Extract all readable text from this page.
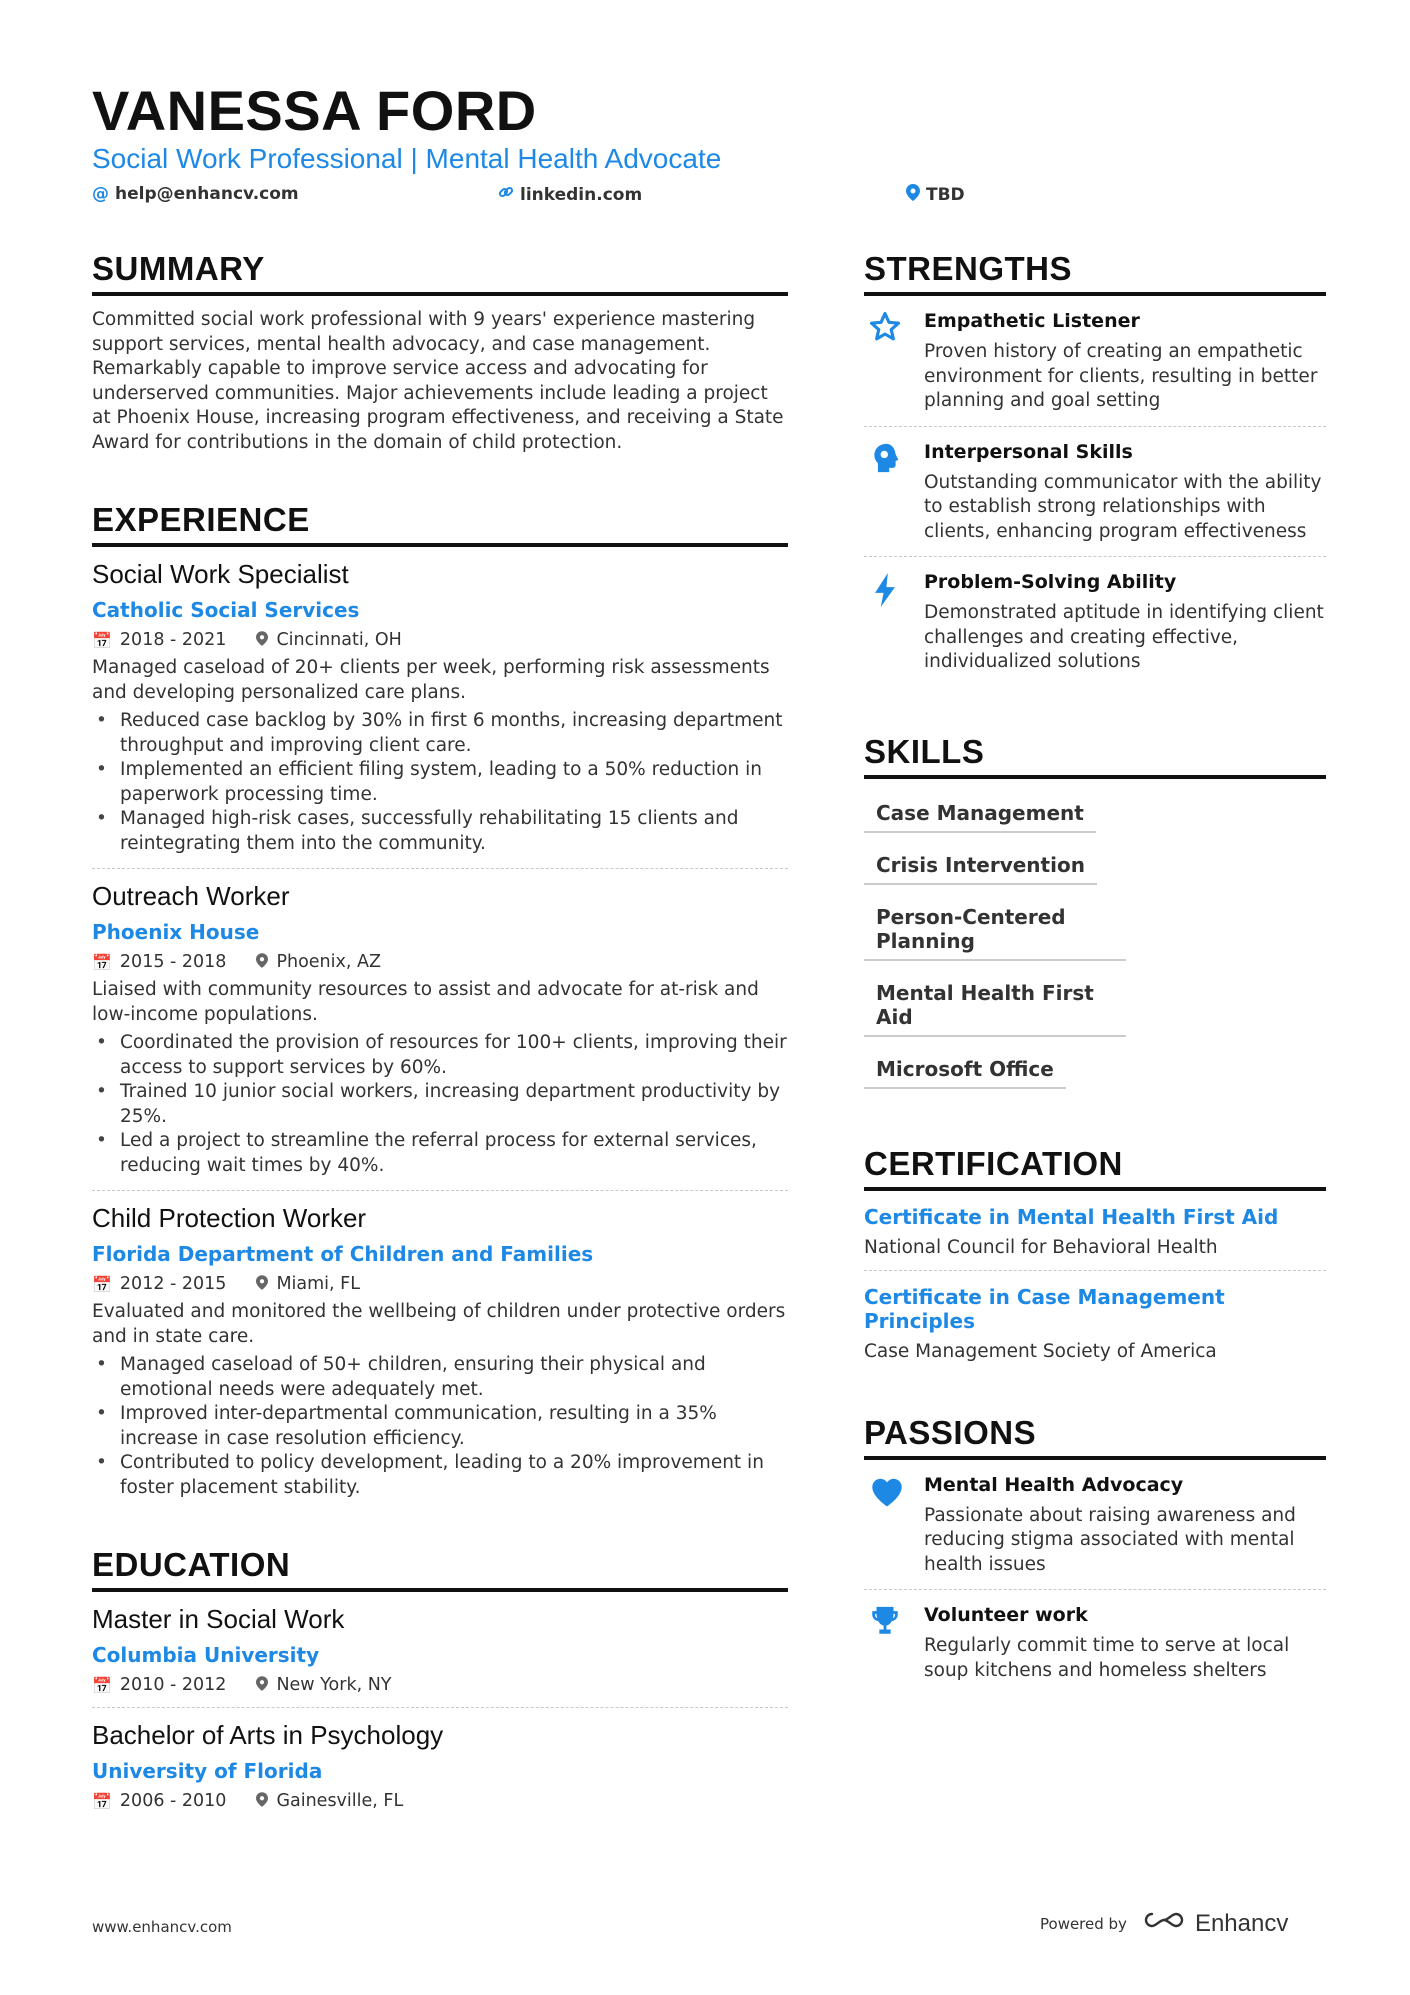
VANESSA FORD
Social Work Professional | Mental Health Advocate
@ help@enhancv.com	linkedin.com	TBD
SUMMARY
Committed social work professional with 9 years' experience mastering support services, mental health advocacy, and case management. Remarkably capable to improve service access and advocating for underserved communities. Major achievements include leading a project at Phoenix House, increasing program effectiveness, and receiving a State Award for contributions in the domain of child protection.
EXPERIENCE
Social Work Specialist
Catholic Social Services
📅 2018 - 2021	Cincinnati, OH
Managed caseload of 20+ clients per week, performing risk assessments and developing personalized care plans.
• Reduced case backlog by 30% in first 6 months, increasing department throughput and improving client care.
• Implemented an efficient filing system, leading to a 50% reduction in paperwork processing time.
• Managed high-risk cases, successfully rehabilitating 15 clients and reintegrating them into the community.
Outreach Worker
Phoenix House
📅 2015 - 2018	Phoenix, AZ
Liaised with community resources to assist and advocate for at-risk and low-income populations.
• Coordinated the provision of resources for 100+ clients, improving their access to support services by 60%.
• Trained 10 junior social workers, increasing department productivity by 25%.
• Led a project to streamline the referral process for external services, reducing wait times by 40%.
Child Protection Worker
Florida Department of Children and Families
📅 2012 - 2015	Miami, FL
Evaluated and monitored the wellbeing of children under protective orders and in state care.
• Managed caseload of 50+ children, ensuring their physical and emotional needs were adequately met.
• Improved inter-departmental communication, resulting in a 35% increase in case resolution efficiency.
• Contributed to policy development, leading to a 20% improvement in foster placement stability.
EDUCATION
Master in Social Work
Columbia University
📅 2010 - 2012	New York, NY
Bachelor of Arts in Psychology
University of Florida
📅 2006 - 2010	Gainesville, FL
STRENGTHS
Empathetic Listener
Proven history of creating an empathetic environment for clients, resulting in better planning and goal setting
Interpersonal Skills
Outstanding communicator with the ability to establish strong relationships with clients, enhancing program effectiveness
Problem-Solving Ability
Demonstrated aptitude in identifying client challenges and creating effective, individualized solutions
SKILLS
Case Management
Crisis Intervention
Person-Centered Planning
Mental Health First Aid
Microsoft Office
CERTIFICATION
Certificate in Mental Health First Aid
National Council for Behavioral Health
Certificate in Case Management Principles
Case Management Society of America
PASSIONS
Mental Health Advocacy
Passionate about raising awareness and reducing stigma associated with mental health issues
Volunteer work
Regularly commit time to serve at local soup kitchens and homeless shelters
www.enhancv.com	Powered by	Enhancv
